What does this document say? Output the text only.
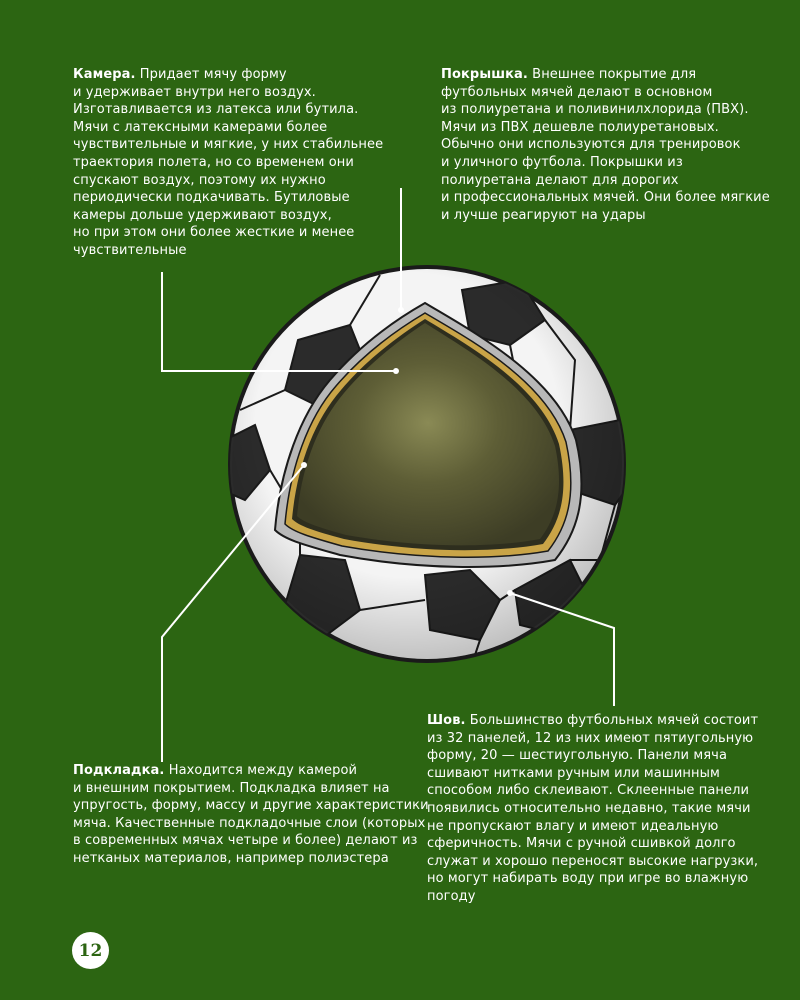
Камера. Придает мячу форму
и удерживает внутри него воздух.
Изготавливается из латекса или бутила.
Мячи с латексными камерами более
чувствительные и мягкие, у них стабильнее
траектория полета, но со временем они
спускают воздух, поэтому их нужно
периодически подкачивать. Бутиловые
камеры дольше удерживают воздух,
но при этом они более жесткие и менее
чувствительные
Покрышка. Внешнее покрытие для
футбольных мячей делают в основном
из полиуретана и поливинилхлорида (ПВХ).
Мячи из ПВХ дешевле полиуретановых.
Обычно они используются для тренировок
и уличного футбола. Покрышки из
полиуретана делают для дорогих
и профессиональных мячей. Они более мягкие
и лучше реагируют на удары
Подкладка. Находится между камерой
и внешним покрытием. Подкладка влияет на
упругость, форму, массу и другие характеристики
мяча. Качественные подкладочные слои (которых
в современных мячах четыре и более) делают из
нетканых материалов, например полиэстера
Шов. Большинство футбольных мячей состоит
из 32 панелей, 12 из них имеют пятиугольную
форму, 20 — шестиугольную. Панели мяча
сшивают нитками ручным или машинным
способом либо склеивают. Склеенные панели
появились относительно недавно, такие мячи
не пропускают влагу и имеют идеальную
сферичность. Мячи с ручной сшивкой долго
служат и хорошо переносят высокие нагрузки,
но могут набирать воду при игре во влажную
погоду
12
